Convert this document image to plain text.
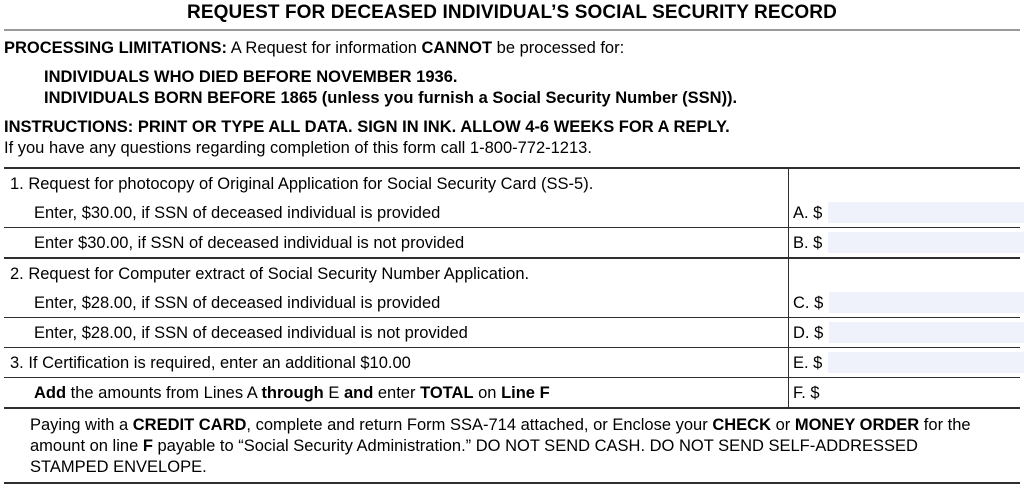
REQUEST FOR DECEASED INDIVIDUAL’S SOCIAL SECURITY RECORD

PROCESSING LIMITATIONS: A Request for information CANNOT be processed for:

INDIVIDUALS WHO DIED BEFORE NOVEMBER 1936.

INDIVIDUALS BORN BEFORE 1865 (unless you furnish a Social Security Number (SSN)).

INSTRUCTIONS: PRINT OR TYPE ALL DATA. SIGN IN INK. ALLOW 4-6 WEEKS FOR A REPLY.

If you have any questions regarding completion of this form call 1-800-772-1213.

1. Request for photocopy of Original Application for Social Security Card (SS-5).
Enter, $30.00, if SSN of deceased individual is provided	A. $
Enter $30.00, if SSN of deceased individual is not provided	B. $
2. Request for Computer extract of Social Security Number Application.
Enter, $28.00, if SSN of deceased individual is provided	C. $
Enter, $28.00, if SSN of deceased individual is not provided	D. $
3. If Certification is required, enter an additional $10.00	E. $
Add the amounts from Lines A through E and enter TOTAL on Line F	F. $
Paying with a CREDIT CARD, complete and return Form SSA-714 attached, or Enclose your CHECK or MONEY ORDER for the amount on line F payable to “Social Security Administration.” DO NOT SEND CASH. DO NOT SEND SELF-ADDRESSED STAMPED ENVELOPE.
